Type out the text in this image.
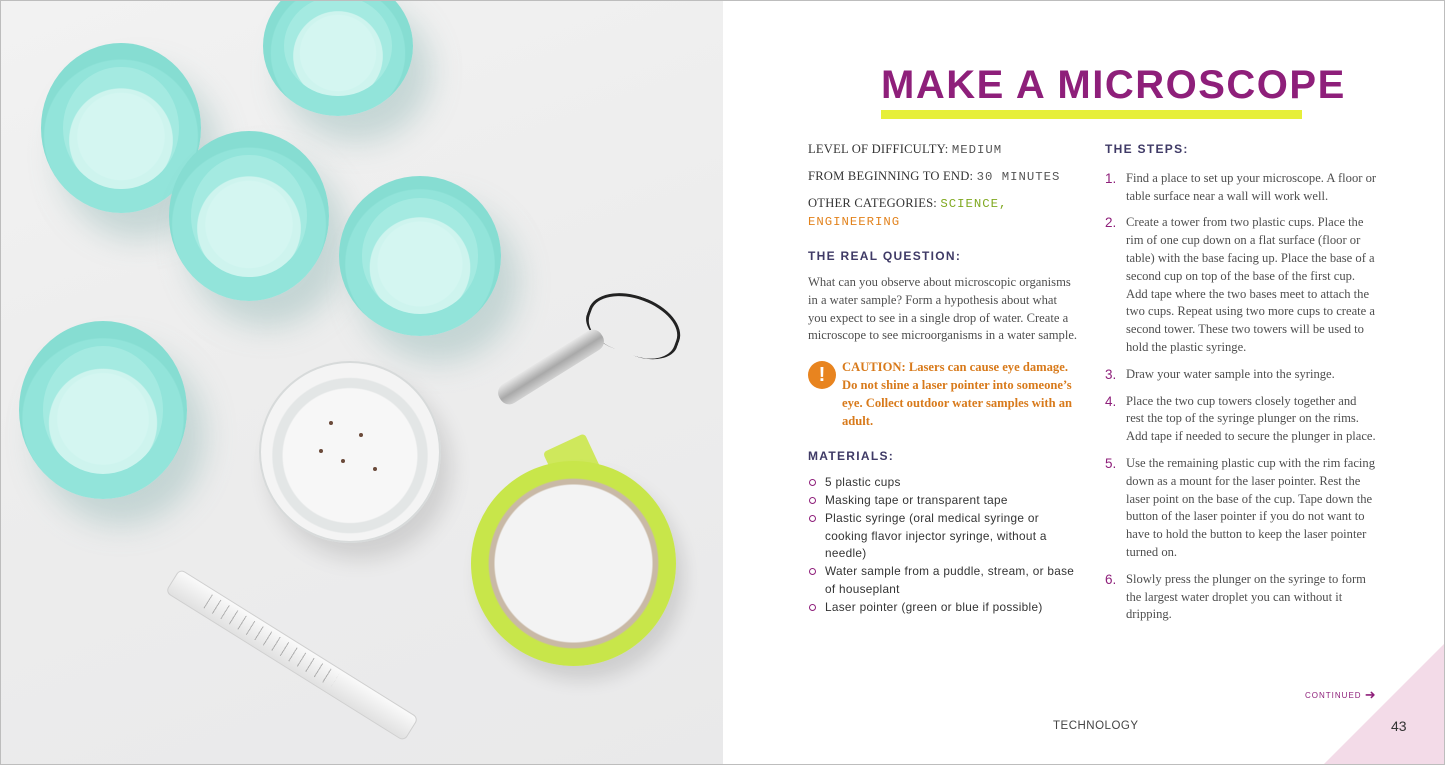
MAKE A MICROSCOPE

LEVEL OF DIFFICULTY: MEDIUM

FROM BEGINNING TO END: 30 MINUTES

OTHER CATEGORIES: SCIENCE,
ENGINEERING

THE REAL QUESTION:

What can you observe about microscopic organisms in a water sample? Form a hypothesis about what you expect to see in a single drop of water. Create a microscope to see microorganisms in a water sample.

!	CAUTION: Lasers can cause eye damage. Do not shine a laser pointer into someone’s eye. Collect outdoor water samples with an adult.
MATERIALS:
5 plastic cups
Masking tape or transparent tape
Plastic syringe (oral medical syringe or cooking flavor injector syringe, without a needle)
Water sample from a puddle, stream, or base of houseplant
Laser pointer (green or blue if possible)
THE STEPS:
1. Find a place to set up your microscope. A floor or table surface near a wall will work well.
2. Create a tower from two plastic cups. Place the rim of one cup down on a flat surface (floor or table) with the base facing up. Place the base of a second cup on top of the base of the first cup. Add tape where the two bases meet to attach the two cups. Repeat using two more cups to create a second tower. These two towers will be used to hold the plastic syringe.
3. Draw your water sample into the syringe.
4. Place the two cup towers closely together and rest the top of the syringe plunger on the rims. Add tape if needed to secure the plunger in place.
5. Use the remaining plastic cup with the rim facing down as a mount for the laser pointer. Rest the laser point on the base of the cup. Tape down the button of the laser pointer if you do not want to have to hold the button to keep the laser pointer turned on.
6. Slowly press the plunger on the syringe to form the largest water droplet you can without it dripping.
CONTINUED ➜
TECHNOLOGY	43
